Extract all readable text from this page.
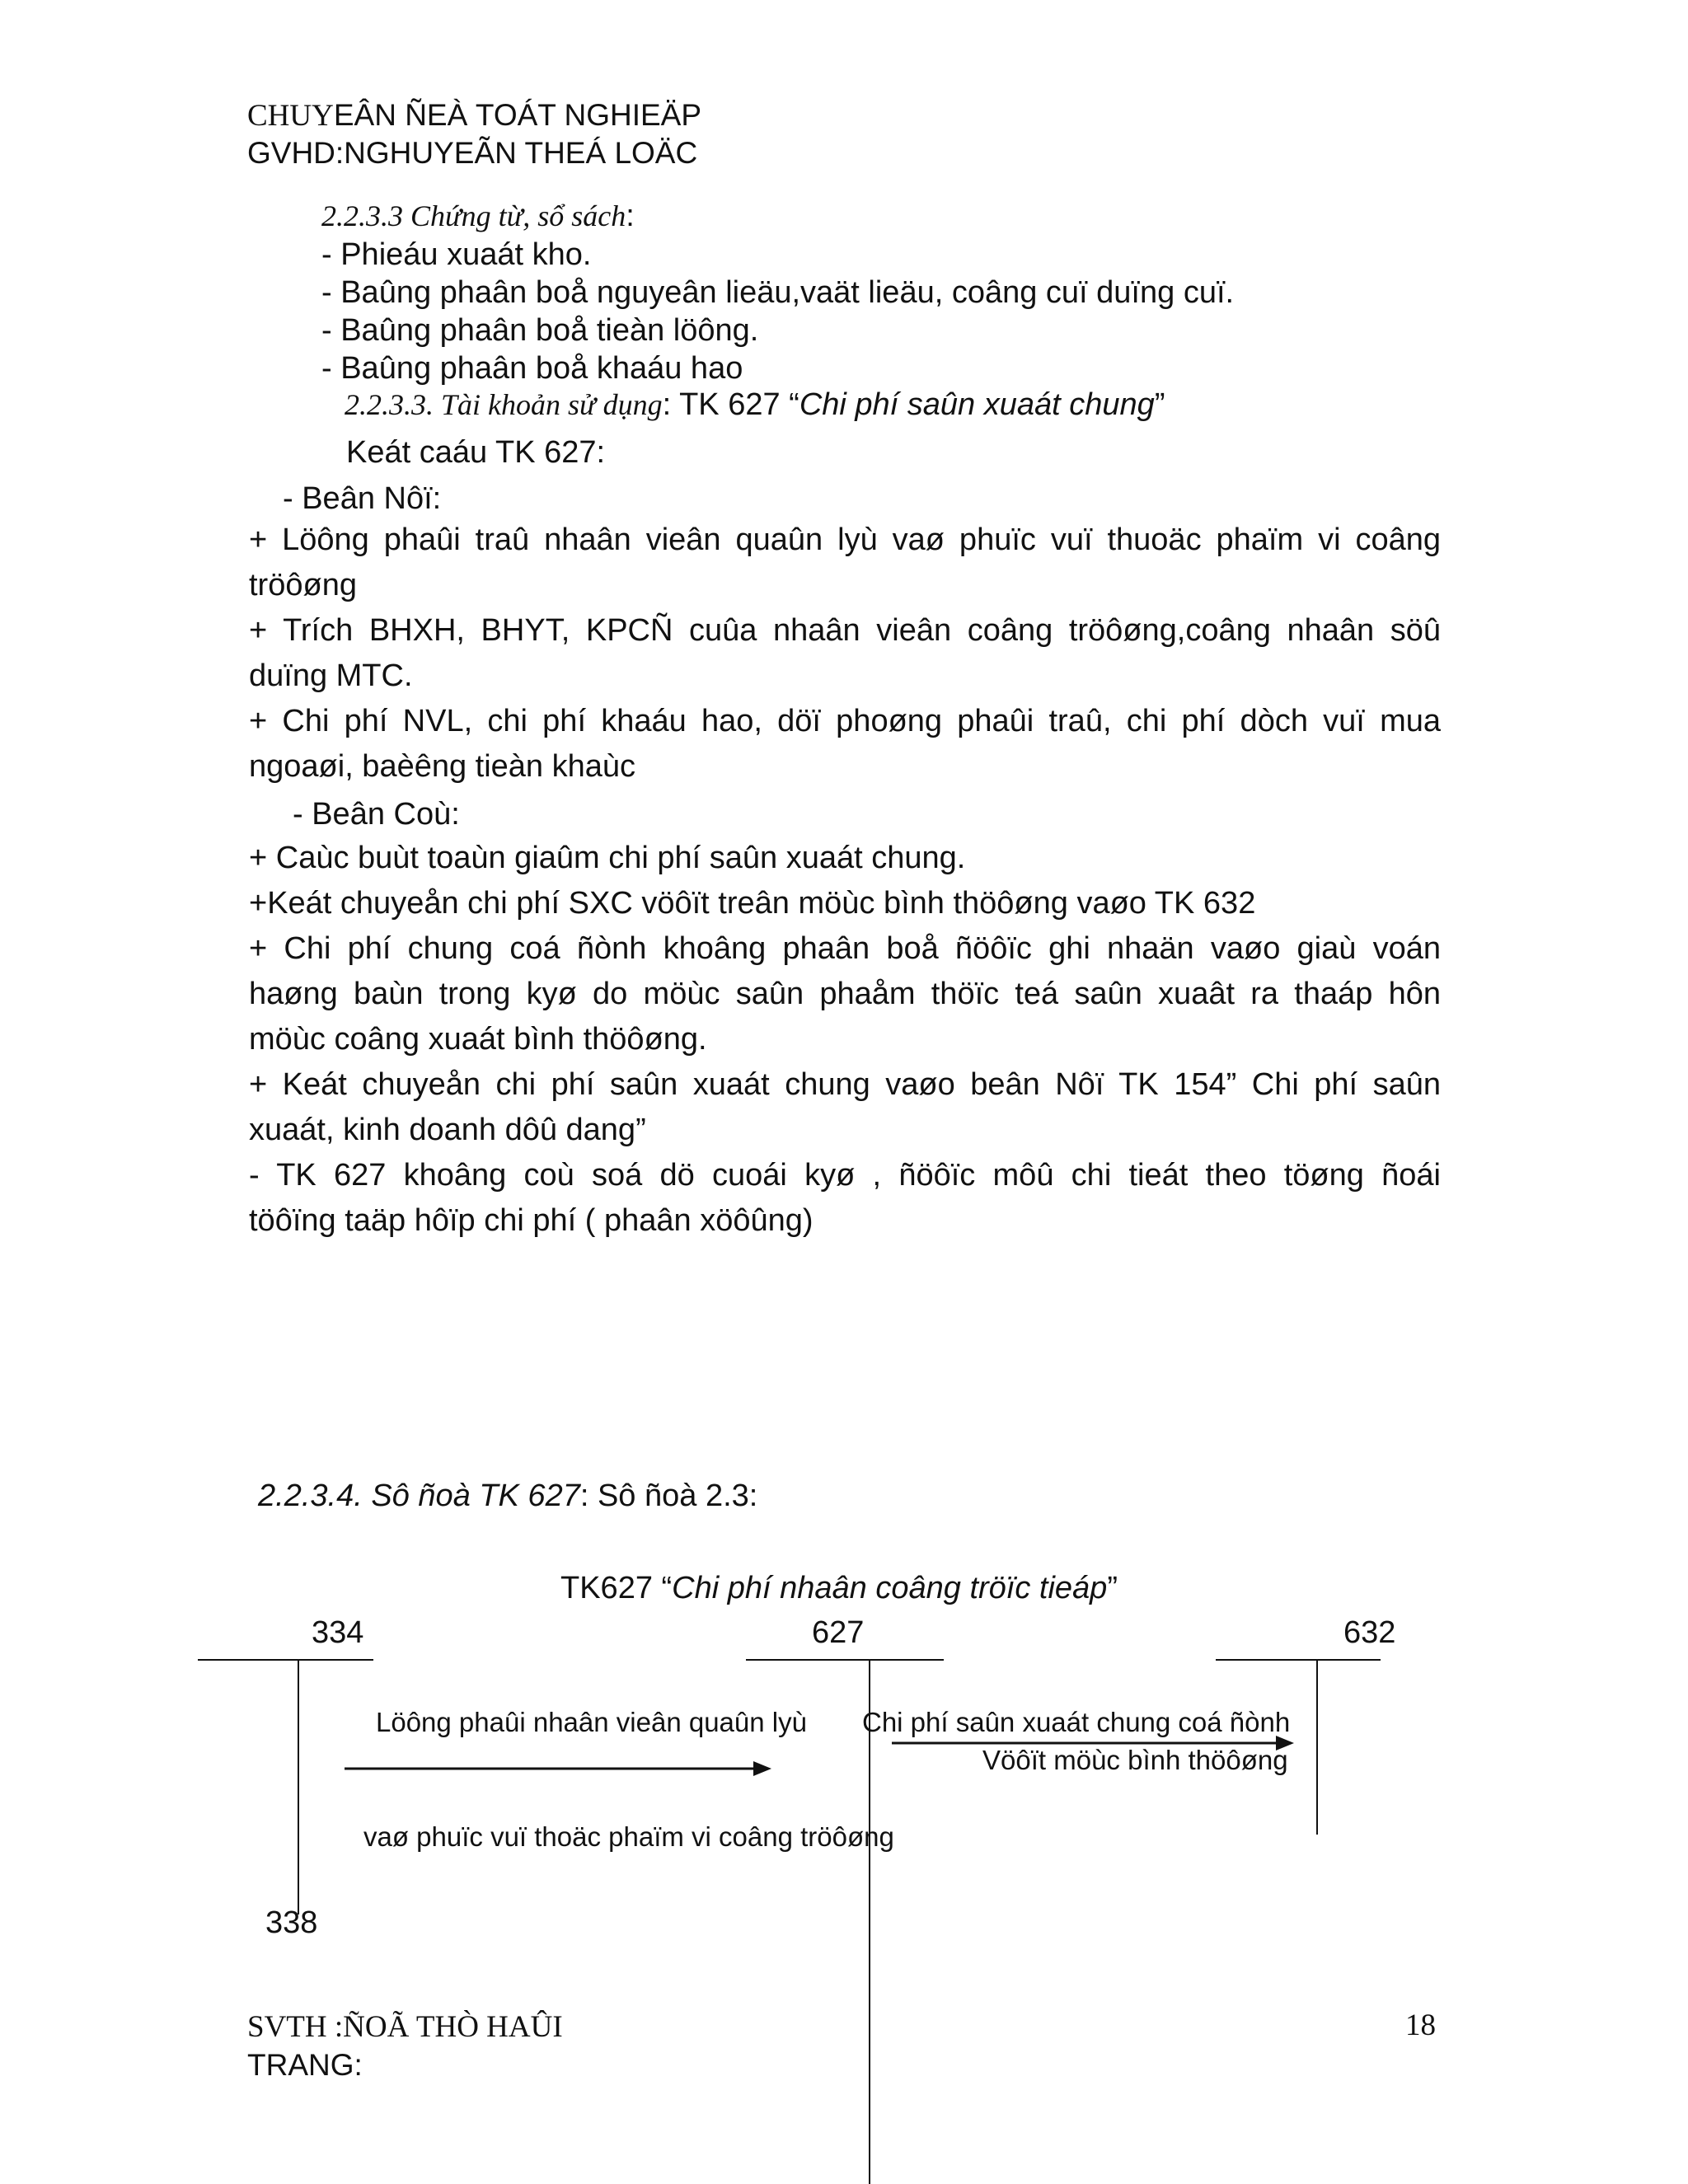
CHUYEÂN ÑEÀ TOÁT NGHIEÄP
GVHD:NGHUYEÃN THEÁ LOÄC
2.2.3.3 Chứng từ, sổ sách:
- Phieáu xuaát kho.
- Baûng phaân boå nguyeân lieäu,vaät lieäu, coâng cuï duïng cuï.
- Baûng phaân boå tieàn löông.
- Baûng phaân boå khaáu hao
2.2.3.3. Tài khoản sử dụng: TK 627 “Chi phí saûn xuaát chung”
Keát caáu TK 627:
- Beân Nôï:
+ Löông phaûi traû nhaân vieân quaûn lyù vaø phuïc vuï thuoäc phaïm vi coâng
tröôøng
+ Trích BHXH, BHYT, KPCÑ cuûa nhaân vieân coâng tröôøng,coâng nhaân söû
duïng MTC.
+ Chi phí NVL, chi phí khaáu hao, döï phoøng phaûi traû, chi phí dòch vuï mua
ngoaøi, baèêng tieàn khaùc
- Beân Coù:
+ Caùc buùt toaùn giaûm chi phí saûn xuaát chung.
+Keát chuyeån chi phí SXC vöôït treân möùc bình thöôøng vaøo TK 632
+ Chi phí chung coá ñònh khoâng phaân boå ñöôïc ghi nhaän vaøo giaù voán
haøng baùn trong kyø do möùc saûn phaåm thöïc teá saûn xuaât ra thaáp hôn
möùc coâng xuaát bình thöôøng.
+ Keát chuyeån chi phí saûn xuaát chung vaøo beân Nôï TK 154” Chi phí saûn
xuaát, kinh doanh dôû dang”
- TK 627 khoâng coù soá dö cuoái kyø , ñöôïc môû chi tieát theo töøng ñoái
töôïng taäp hôïp chi phí ( phaân xöôûng)
2.2.3.4. Sô ñoà TK 627: Sô ñoà 2.3:
TK627 “Chi phí nhaân coâng tröïc tieáp”
334	627	632
Löông phaûi nhaân vieân quaûn lyù
vaø phuïc vuï thoäc phaïm vi coâng tröôøng
Chi phí saûn xuaát chung coá ñònh
Vöôït möùc bình thöôøng
338
SVTH :ÑOÃ THÒ HAÛI
TRANG:
18
